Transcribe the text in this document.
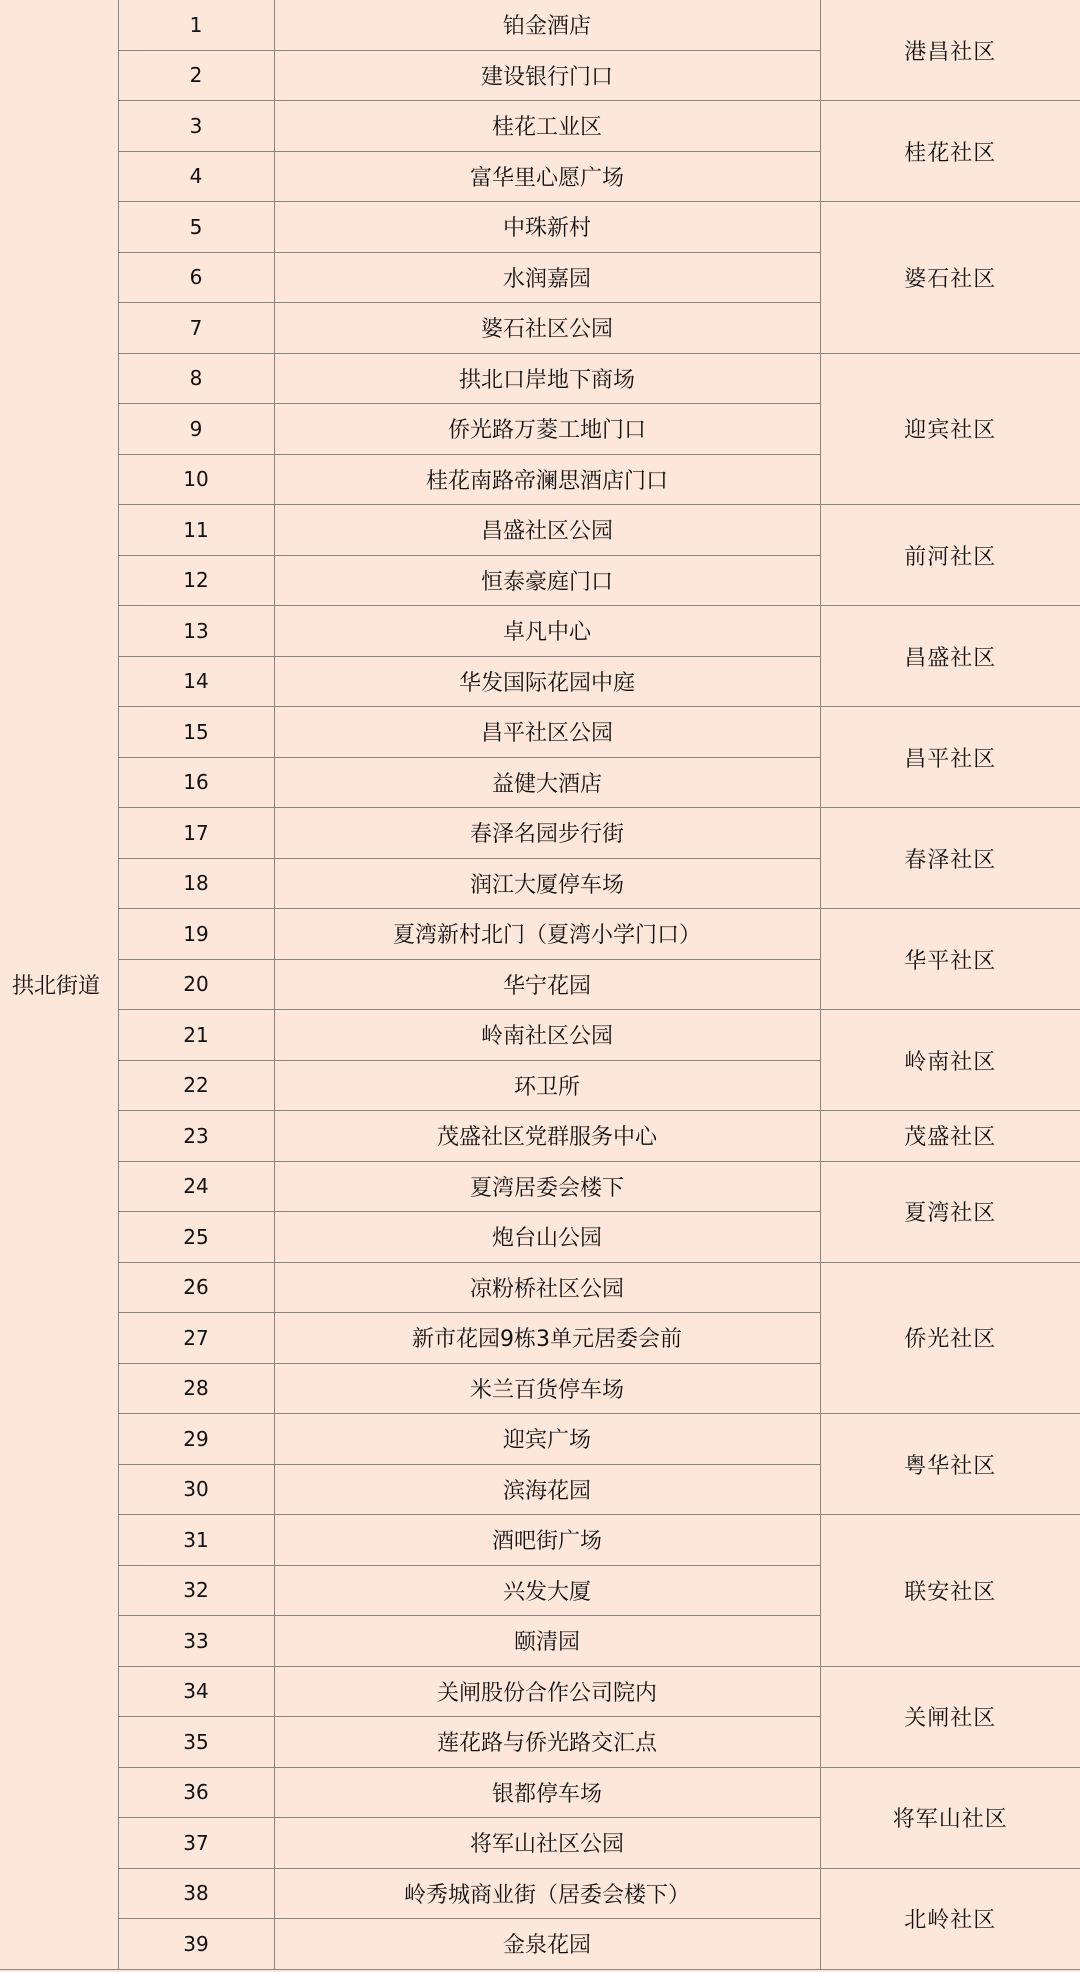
拱北街道	1	铂金酒店	港昌社区
	2	建设银行门口	
	3	桂花工业区	桂花社区
	4	富华里心愿广场	
	5	中珠新村	婆石社区
	6	水润嘉园	
	7	婆石社区公园	
	8	拱北口岸地下商场	迎宾社区
	9	侨光路万菱工地门口	
	10	桂花南路帝澜思酒店门口	
	11	昌盛社区公园	前河社区
	12	恒泰豪庭门口	
	13	卓凡中心	昌盛社区
	14	华发国际花园中庭	
	15	昌平社区公园	昌平社区
	16	益健大酒店	
	17	春泽名园步行街	春泽社区
	18	润江大厦停车场	
	19	夏湾新村北门（夏湾小学门口）	华平社区
	20	华宁花园	
	21	岭南社区公园	岭南社区
	22	环卫所	
	23	茂盛社区党群服务中心	茂盛社区
	24	夏湾居委会楼下	夏湾社区
	25	炮台山公园	
	26	凉粉桥社区公园	侨光社区
	27	新市花园9栋3单元居委会前	
	28	米兰百货停车场	
	29	迎宾广场	粤华社区
	30	滨海花园	
	31	酒吧街广场	联安社区
	32	兴发大厦	
	33	颐清园	
	34	关闸股份合作公司院内	关闸社区
	35	莲花路与侨光路交汇点	
	36	银都停车场	将军山社区
	37	将军山社区公园	
	38	岭秀城商业街（居委会楼下）	北岭社区
	39	金泉花园	
